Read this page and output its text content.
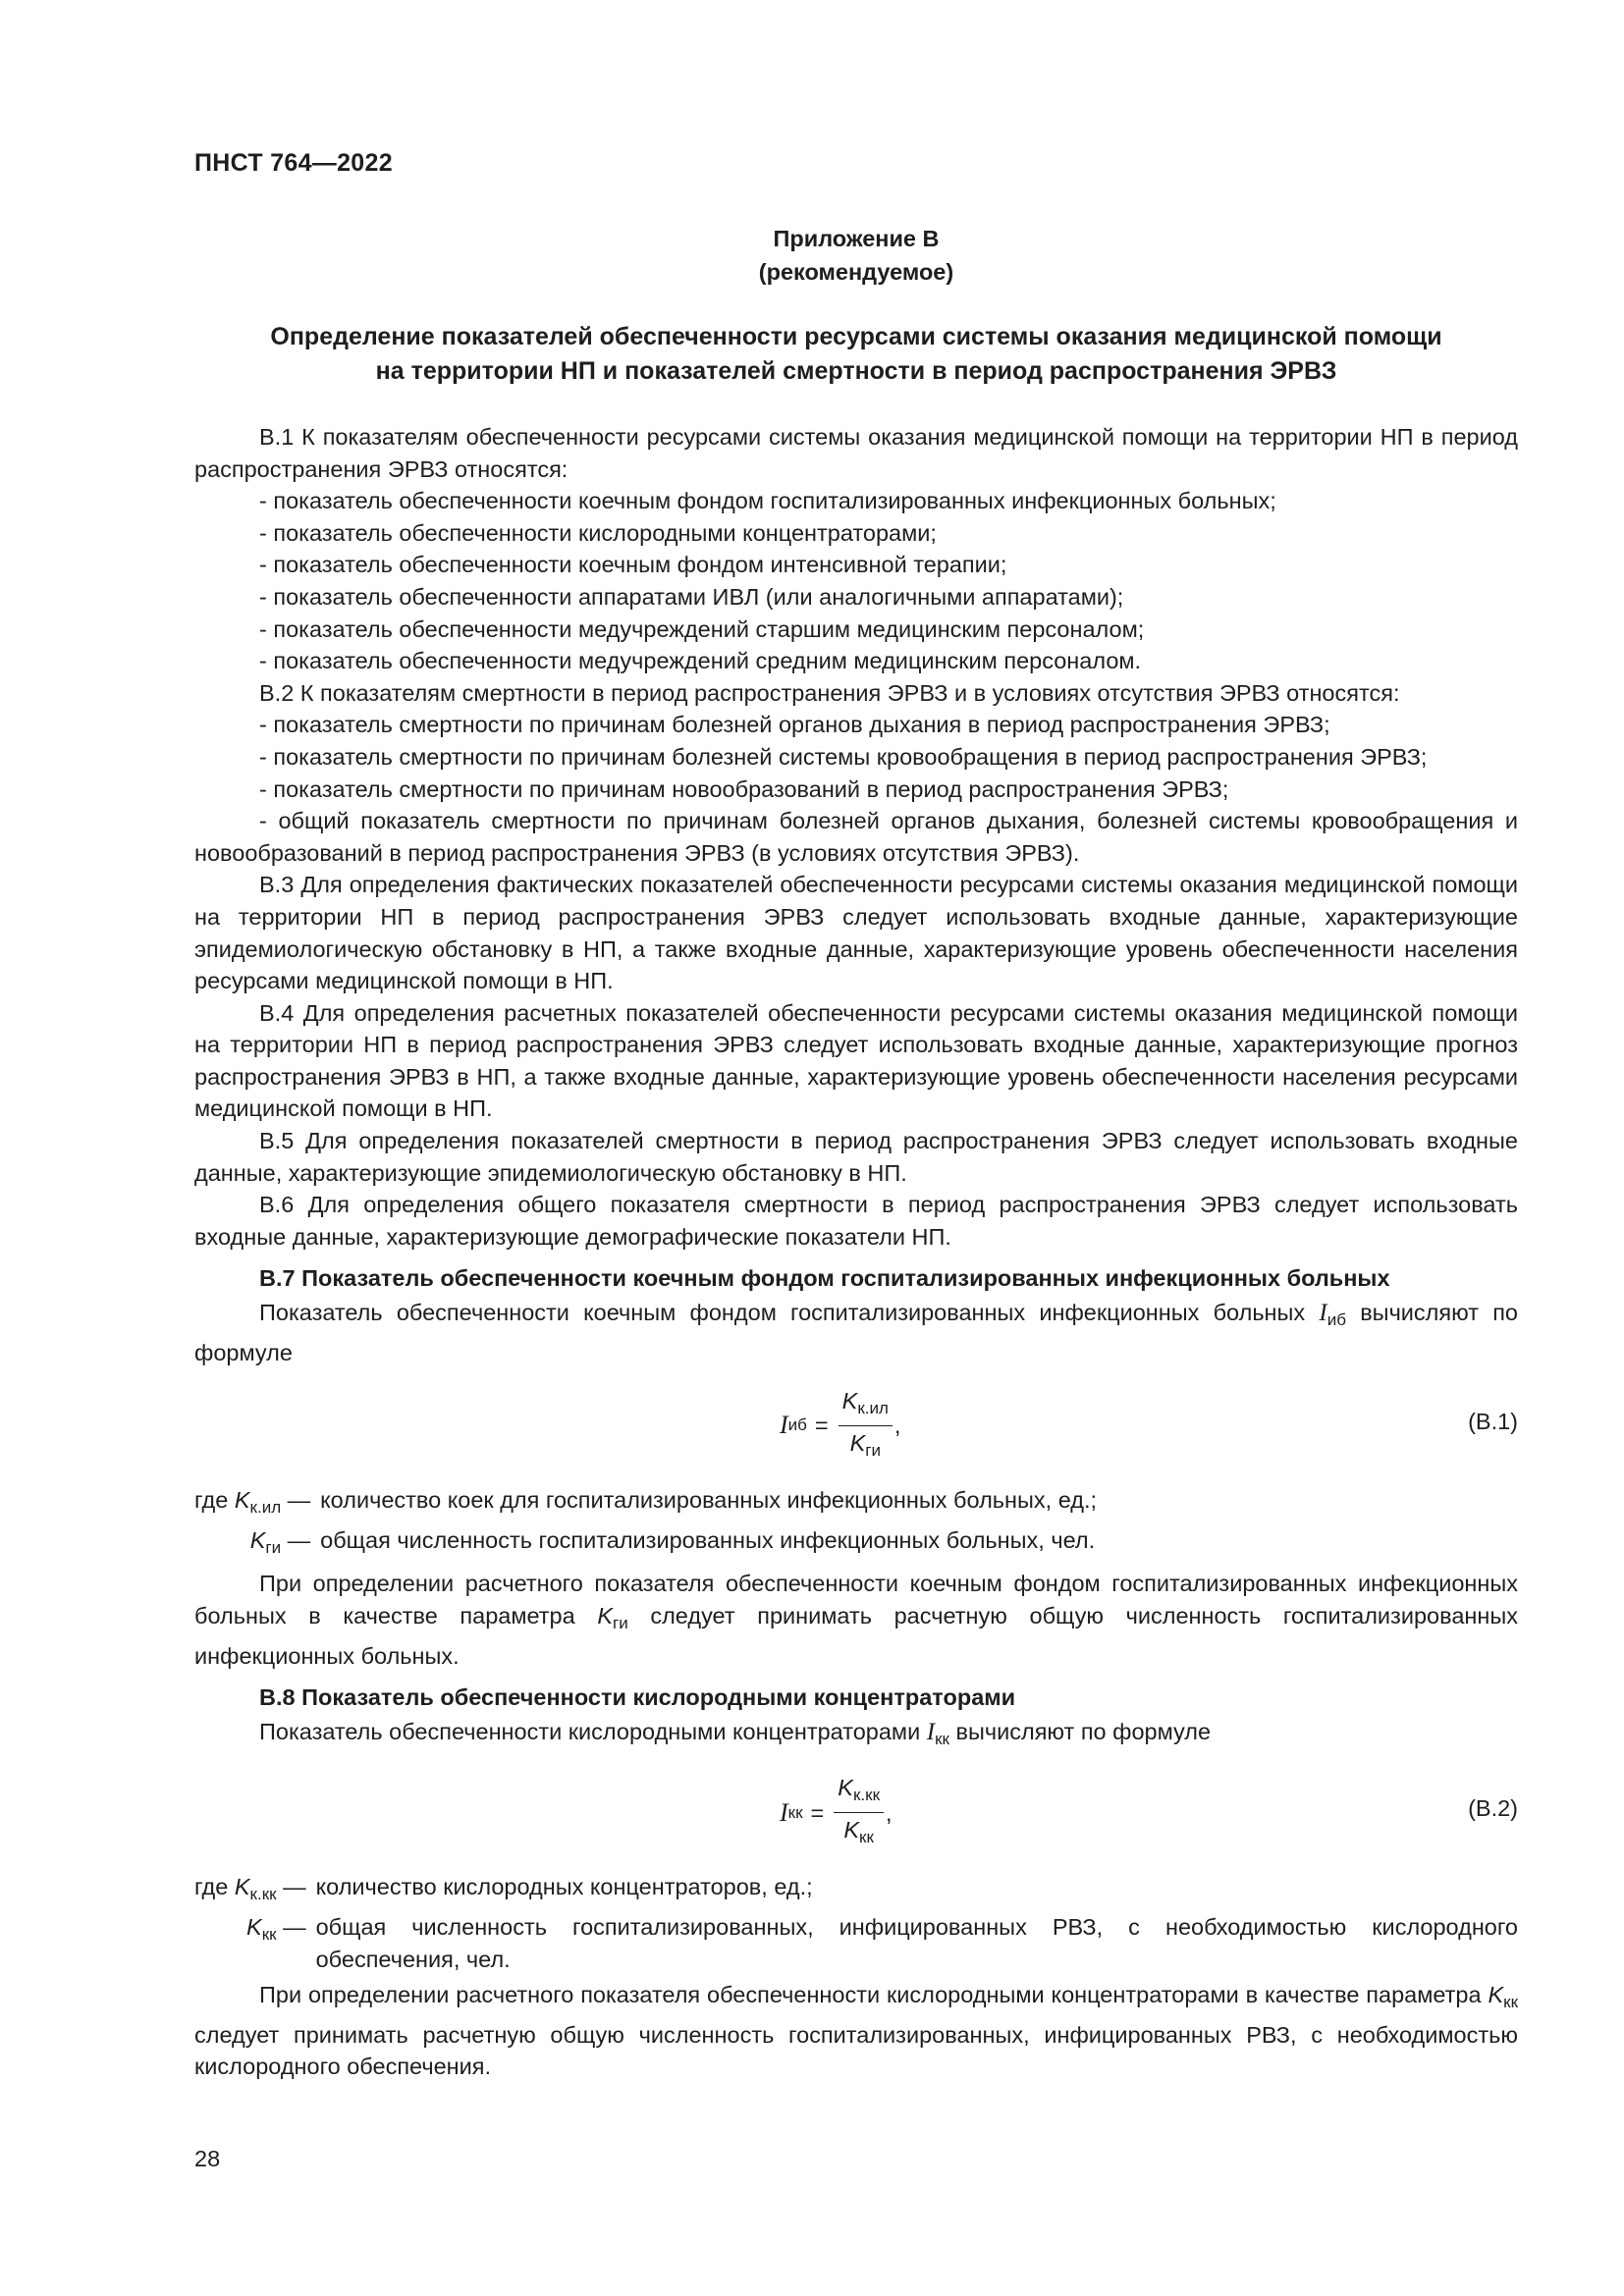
ПНСТ 764—2022
Приложение В
(рекомендуемое)
Определение показателей обеспеченности ресурсами системы оказания медицинской помощи
на территории НП и показателей смертности в период распространения ЭРВЗ

В.1 К показателям обеспеченности ресурсами системы оказания медицинской помощи на территории НП в период распространения ЭРВЗ относятся:

- показатель обеспеченности коечным фондом госпитализированных инфекционных больных;

- показатель обеспеченности кислородными концентраторами;

- показатель обеспеченности коечным фондом интенсивной терапии;

- показатель обеспеченности аппаратами ИВЛ (или аналогичными аппаратами);

- показатель обеспеченности медучреждений старшим медицинским персоналом;

- показатель обеспеченности медучреждений средним медицинским персоналом.

В.2 К показателям смертности в период распространения ЭРВЗ и в условиях отсутствия ЭРВЗ относятся:

- показатель смертности по причинам болезней органов дыхания в период распространения ЭРВЗ;

- показатель смертности по причинам болезней системы кровообращения в период распространения ЭРВЗ;

- показатель смертности по причинам новообразований в период распространения ЭРВЗ;

- общий показатель смертности по причинам болезней органов дыхания, болезней системы кровообращения и новообразований в период распространения ЭРВЗ (в условиях отсутствия ЭРВЗ).

В.3 Для определения фактических показателей обеспеченности ресурсами системы оказания медицинской помощи на территории НП в период распространения ЭРВЗ следует использовать входные данные, характеризующие эпидемиологическую обстановку в НП, а также входные данные, характеризующие уровень обеспеченности населения ресурсами медицинской помощи в НП.

В.4 Для определения расчетных показателей обеспеченности ресурсами системы оказания медицинской помощи на территории НП в период распространения ЭРВЗ следует использовать входные данные, характеризующие прогноз распространения ЭРВЗ в НП, а также входные данные, характеризующие уровень обеспеченности населения ресурсами медицинской помощи в НП.

В.5 Для определения показателей смертности в период распространения ЭРВЗ следует использовать входные данные, характеризующие эпидемиологическую обстановку в НП.

В.6 Для определения общего показателя смертности в период распространения ЭРВЗ следует использовать входные данные, характеризующие демографические показатели НП.

В.7 Показатель обеспеченности коечным фондом госпитализированных инфекционных больных

Показатель обеспеченности коечным фондом госпитализированных инфекционных больных $I_{иб}$ вычисляют по формуле

I иб = $\frac{K_{к.ил}}{K_{ги}}$ ,	(В.1)
где $K_{к.ил}$ — количество коек для госпитализированных инфекционных больных, ед.;
$K_{ги}$ — общая численность госпитализированных инфекционных больных, чел.

При определении расчетного показателя обеспеченности коечным фондом госпитализированных инфекционных больных в качестве параметра $K_{ги}$ следует принимать расчетную общую численность госпитализированных инфекционных больных.

В.8 Показатель обеспеченности кислородными концентраторами

Показатель обеспеченности кислородными концентраторами $I_{кк}$ вычисляют по формуле

I кк = $\frac{K_{к.кк}}{K_{кк}}$ ,	(В.2)
где $K_{к.кк}$ — количество кислородных концентраторов, ед.;
$K_{кк}$ — общая численность госпитализированных, инфицированных РВЗ, с необходимостью кислородного обеспечения, чел.

При определении расчетного показателя обеспеченности кислородными концентраторами в качестве параметра $K_{кк}$ следует принимать расчетную общую численность госпитализированных, инфицированных РВЗ, с необходимостью кислородного обеспечения.

28
